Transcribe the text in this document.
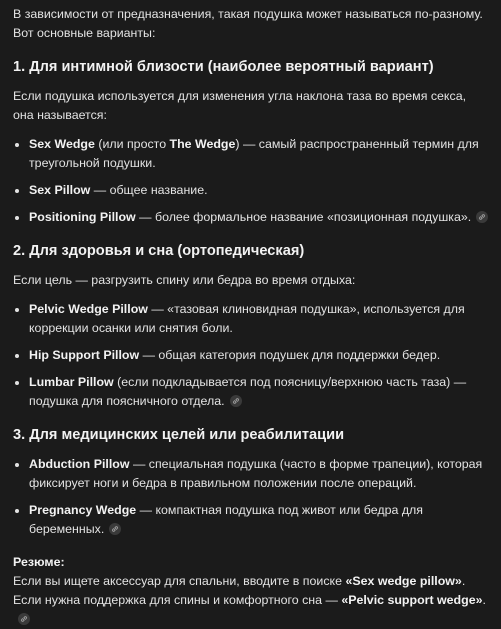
В зависимости от предназначения, такая подушка может называться по-разному. Вот основные варианты:

1. Для интимной близости (наиболее вероятный вариант)

Если подушка используется для изменения угла наклона таза во время секса, она называется:

Sex Wedge (или просто The Wedge) — самый распространенный термин для треугольной подушки.
Sex Pillow — общее название.
Positioning Pillow — более формальное название «позиционная подушка».
2. Для здоровья и сна (ортопедическая)

Если цель — разгрузить спину или бедра во время отдыха:

Pelvic Wedge Pillow — «тазовая клиновидная подушка», используется для коррекции осанки или снятия боли.
Hip Support Pillow — общая категория подушек для поддержки бедер.
Lumbar Pillow (если подкладывается под поясницу/верхнюю часть таза) — подушка для поясничного отдела.
3. Для медицинских целей или реабилитации
Abduction Pillow — специальная подушка (часто в форме трапеции), которая фиксирует ноги и бедра в правильном положении после операций.
Pregnancy Wedge — компактная подушка под живот или бедра для беременных.

Резюме:

Если вы ищете аксессуар для спальни, вводите в поиске «Sex wedge pillow». Если нужна поддержка для спины и комфортного сна — «Pelvic support wedge».
